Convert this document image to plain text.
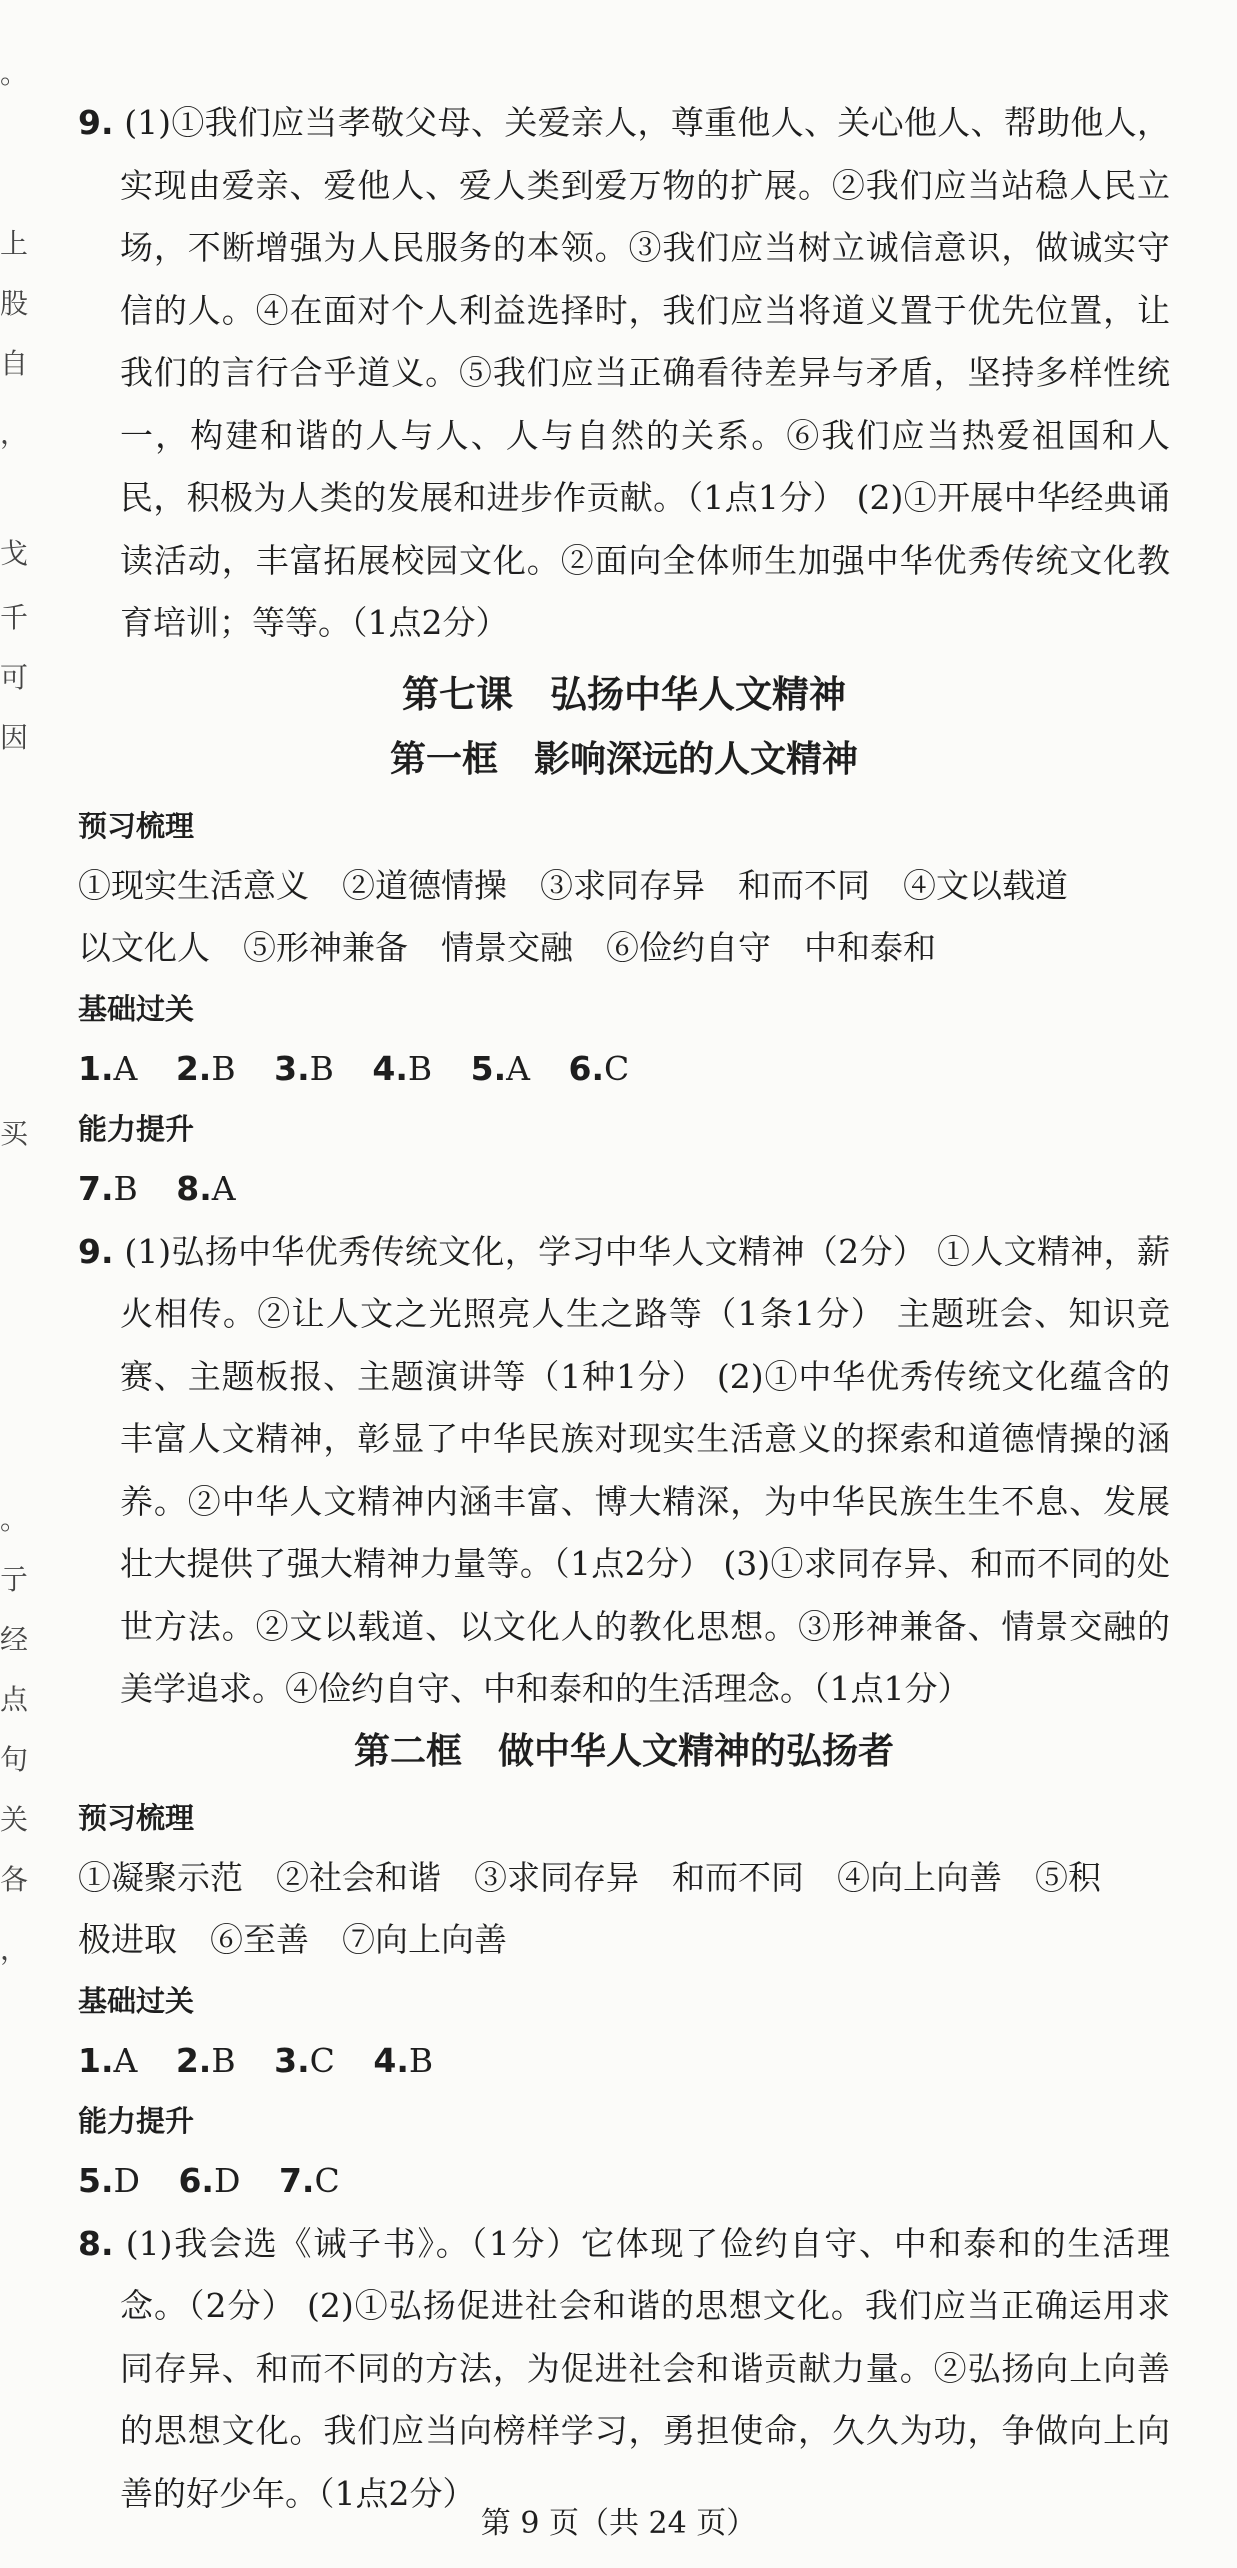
。
上
股
自
，
戈
千
可
因
买
。
亍
经
点
句
关
各
，

9. (1)①我们应当孝敬父母、关爱亲人，尊重他人、关心他人、帮助他人，实现由爱亲、爱他人、爱人类到爱万物的扩展。②我们应当站稳人民立场，不断增强为人民服务的本领。③我们应当树立诚信意识，做诚实守信的人。④在面对个人利益选择时，我们应当将道义置于优先位置，让我们的言行合乎道义。⑤我们应当正确看待差异与矛盾，坚持多样性统一，构建和谐的人与人、人与自然的关系。⑥我们应当热爱祖国和人民，积极为人类的发展和进步作贡献。（1点1分） (2)①开展中华经典诵读活动，丰富拓展校园文化。②面向全体师生加强中华优秀传统文化教育培训；等等。（1点2分）

第七课　弘扬中华人文精神
第一框　影响深远的人文精神
预习梳理

①现实生活意义　②道德情操　③求同存异　和而不同　④文以载道

以文化人　⑤形神兼备　情景交融　⑥俭约自守　中和泰和

基础过关

1.A 2.B 3.B 4.B 5.A 6.C

能力提升

7.B 8.A

9. (1)弘扬中华优秀传统文化，学习中华人文精神（2分） ①人文精神，薪火相传。②让人文之光照亮人生之路等（1条1分） 主题班会、知识竞赛、主题板报、主题演讲等（1种1分） (2)①中华优秀传统文化蕴含的丰富人文精神，彰显了中华民族对现实生活意义的探索和道德情操的涵养。②中华人文精神内涵丰富、博大精深，为中华民族生生不息、发展壮大提供了强大精神力量等。（1点2分） (3)①求同存异、和而不同的处世方法。②文以载道、以文化人的教化思想。③形神兼备、情景交融的美学追求。④俭约自守、中和泰和的生活理念。（1点1分）

第二框　做中华人文精神的弘扬者
预习梳理

①凝聚示范　②社会和谐　③求同存异　和而不同　④向上向善　⑤积

极进取　⑥至善　⑦向上向善

基础过关

1.A 2.B 3.C 4.B

能力提升

5.D 6.D 7.C

8. (1)我会选《诫子书》。（1分）它体现了俭约自守、中和泰和的生活理念。（2分） (2)①弘扬促进社会和谐的思想文化。我们应当正确运用求同存异、和而不同的方法，为促进社会和谐贡献力量。②弘扬向上向善的思想文化。我们应当向榜样学习，勇担使命，久久为功，争做向上向善的好少年。（1点2分）

第 9 页（共 24 页）
